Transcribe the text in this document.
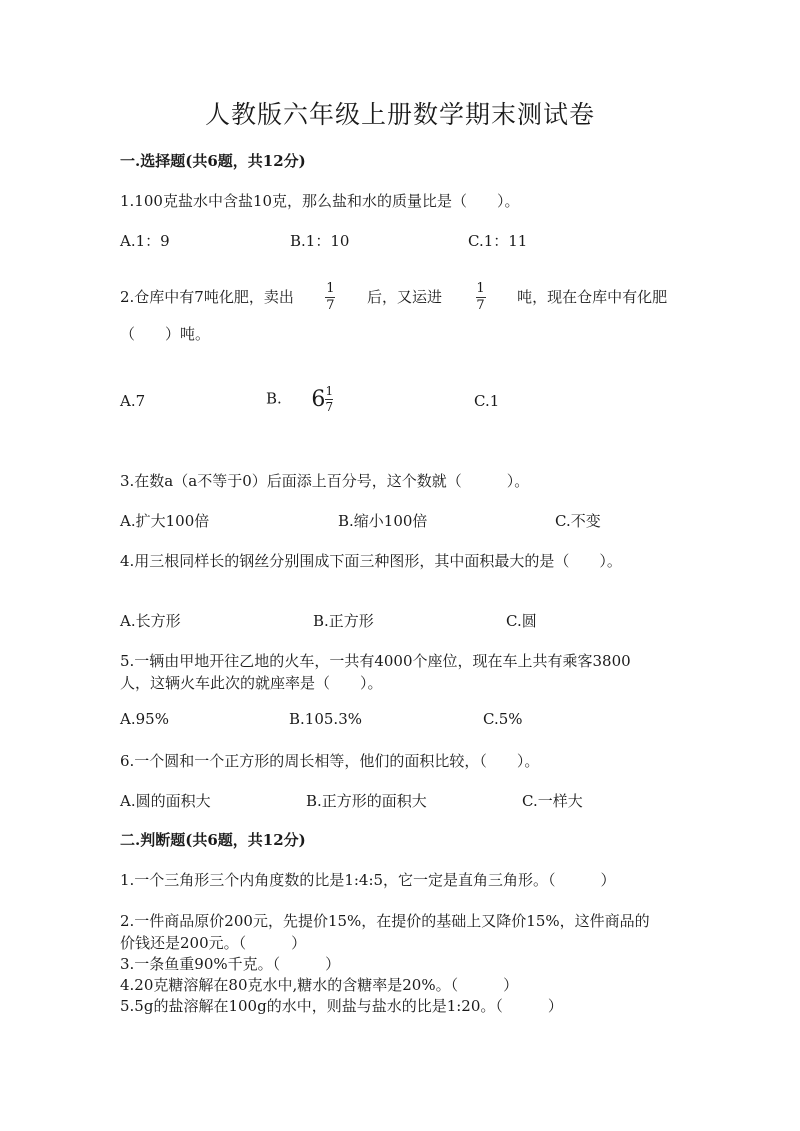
人教版六年级上册数学期末测试卷
一.选择题(共6题，共12分)
1.100克盐水中含盐10克，那么盐和水的质量比是（　　）。
A.1：9	B.1：10	C.1：11
2.仓库中有7吨化肥，卖出 $\frac{1}{7}$ 后，又运进	$\frac{1}{7}$ 吨，现在仓库中有化肥
（　　）吨。
A.7	B. $6 \frac{1}{7}$	C.1
3.在数a（a不等于0）后面添上百分号，这个数就（　　　）。
A.扩大100倍	B.缩小100倍	C.不变
4.用三根同样长的钢丝分别围成下面三种图形，其中面积最大的是（　　）。
A.长方形	B.正方形	C.圆
5.一辆由甲地开往乙地的火车，一共有4000个座位，现在车上共有乘客3800
人，这辆火车此次的就座率是（　　）。
A.95%	B.105.3%	C.5%
6.一个圆和一个正方形的周长相等，他们的面积比较，（　　）。
A.圆的面积大	B.正方形的面积大	C.一样大
二.判断题(共6题，共12分)
1.一个三角形三个内角度数的比是1:4:5，它一定是直角三角形。（　　　）
2.一件商品原价200元，先提价15%，在提价的基础上又降价15%，这件商品的
价钱还是200元。（　　　）
3.一条鱼重90%千克。（　　　）
4.20克糖溶解在80克水中,糖水的含糖率是20%。（　　　）
5.5g的盐溶解在100g的水中，则盐与盐水的比是1:20。（　　　）
